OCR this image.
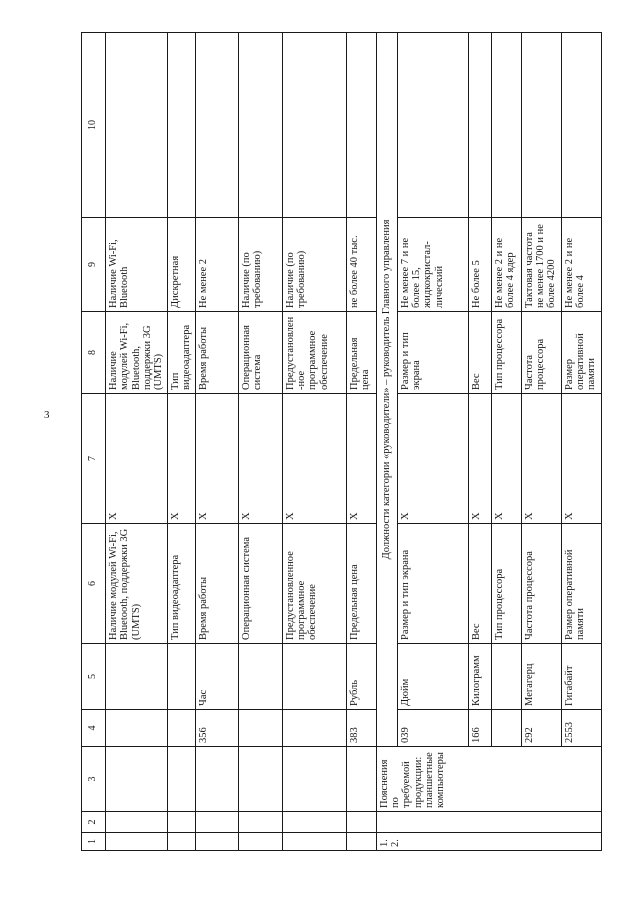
3
1	2	3	4	5	6	7	8	9	10
					Наличие модулей Wi-Fi, Bluetooth, поддержки 3G (UMTS)	X	Наличие модулей Wi-Fi, Bluetooth, поддержки 3G (UMTS)	Наличие Wi-Fi, Bluetooth	
					Тип видеоадаптера	X	Тип видеоадаптера	Дискретная	
			356	Час	Время работы	X	Время работы	Не менее 2	
					Операционная система	X	Операционная система	Наличие (по требованию)	
					Предустановленное программное обеспечение	X	Предустановлен-ное программное обеспечение	Наличие (по требованию)	
			383	Рубль	Предельная цена	X	Предельная цена	не более 40 тыс.	
1.2.		Пояснения по требуемой продукции: планшетные компьютеры	Должности категории «руководители» – руководитель Главного управления						
			039	Дюйм	Размер и тип экрана	X	Размер и тип экрана	Не менее 7 и не более 15, жидкокристал-лический	
			166	Килограмм	Вес	X	Вес	Не более 5	
					Тип процессора	X	Тип процессора	Не менее 2 и не более 4 ядер	
			292	Мегагерц	Частота процессора	X	Частота процессора	Тактовая частота не менее 1700 и не более 4200	
			2553	Гигабайт	Размер оперативной памяти	X	Размер оперативной памяти	Не менее 2 и не более 4	
